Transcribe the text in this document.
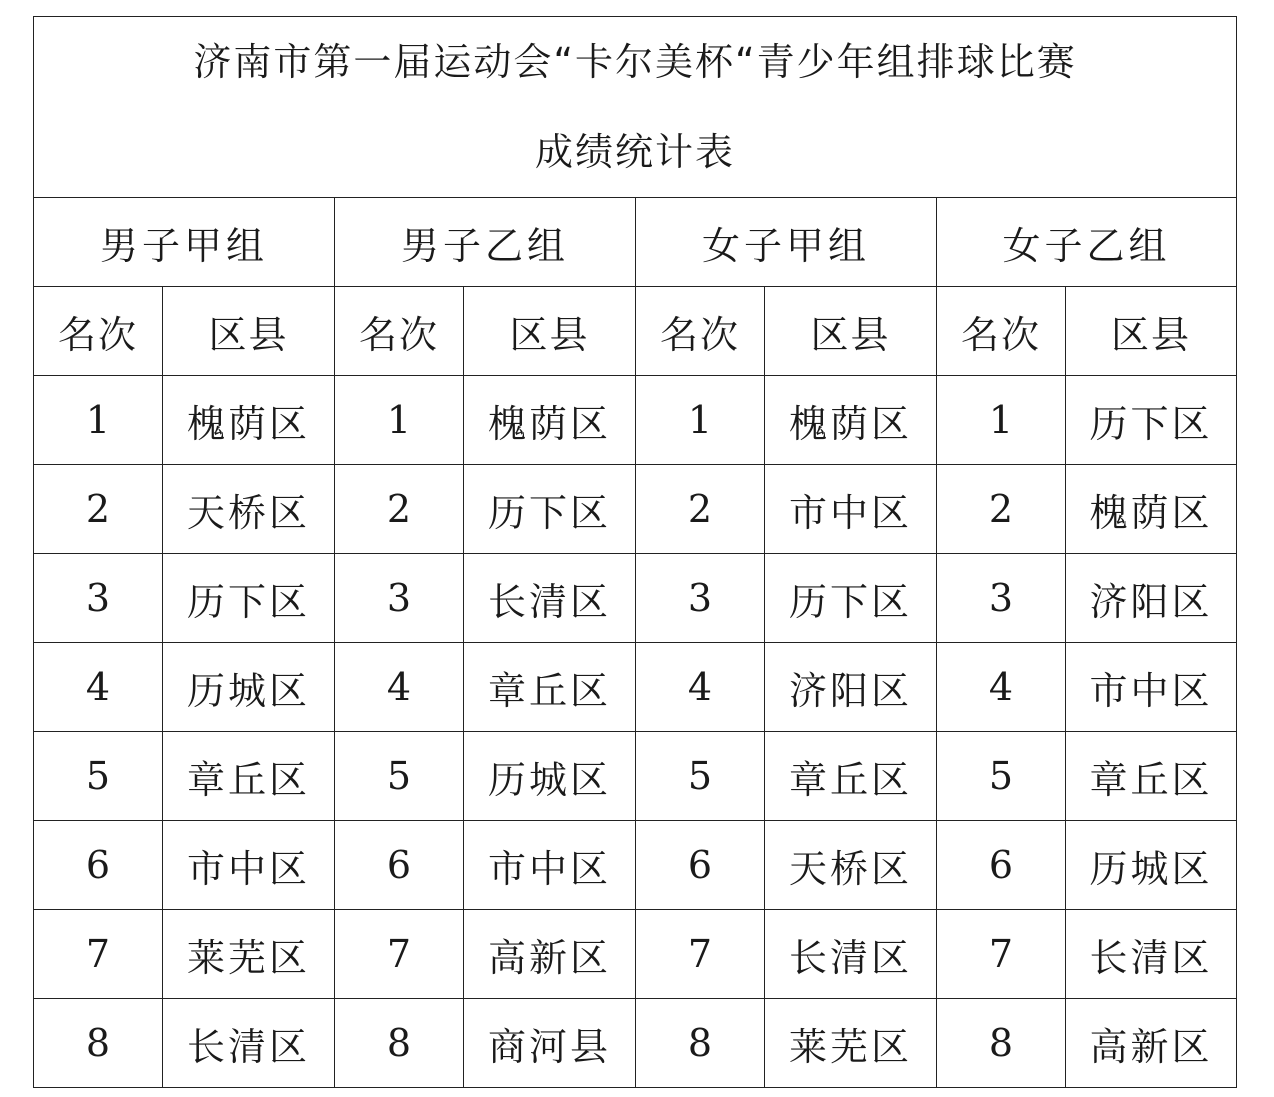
济南市第一届运动会“卡尔美杯“青少年组排球比赛
成绩统计表							

男子甲组		男子乙组		女子甲组		女子乙组	
名次	区县	名次	区县	名次	区县	名次	区县
1	槐荫区	1	槐荫区	1	槐荫区	1	历下区
2	天桥区	2	历下区	2	市中区	2	槐荫区
3	历下区	3	长清区	3	历下区	3	济阳区
4	历城区	4	章丘区	4	济阳区	4	市中区
5	章丘区	5	历城区	5	章丘区	5	章丘区
6	市中区	6	市中区	6	天桥区	6	历城区
7	莱芜区	7	高新区	7	长清区	7	长清区
8	长清区	8	商河县	8	莱芜区	8	高新区
